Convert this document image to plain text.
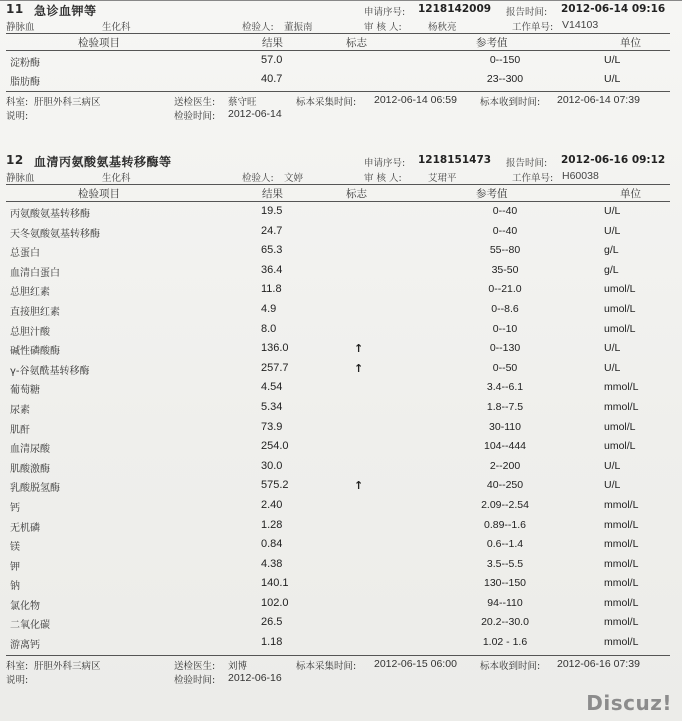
11 急诊血钾等	申请序号: 1218142009 报告时间: 2012-06-14 09:16
静脉血	生化科	检验人: 董振南	审 核 人:	杨秋亮	工作单号: V14103
检验项目	结果	标志	参考值	单位
淀粉酶	57.0	0--150	U/L
脂肪酶	40.7	23--300	U/L
科室: 肝胆外科三病区	送检医生: 蔡守旺	标本采集时间: 2012-06-14 06:59 标本收到时间: 2012-06-14 07:39
说明:	检验时间: 2012-06-14
12 血清丙氨酸氨基转移酶等	申请序号: 1218151473 报告时间: 2012-06-16 09:12
静脉血	生化科	检验人: 文婷	审 核 人:	艾珺平	工作单号: H60038
检验项目	结果	标志	参考值	单位
丙氨酸氨基转移酶	19.5	0--40	U/L
天冬氨酸氨基转移酶	24.7	0--40	U/L
总蛋白	65.3	55--80	g/L
血清白蛋白	36.4	35-50	g/L
总胆红素	11.8	0--21.0	umol/L
直接胆红素	4.9	0--8.6	umol/L
总胆汁酸	8.0	0--10	umol/L
碱性磷酸酶	136.0	↑	0--130	U/L
γ-谷氨酰基转移酶	257.7	↑	0--50	U/L
葡萄糖	4.54	3.4--6.1	mmol/L
尿素	5.34	1.8--7.5	mmol/L
肌酐	73.9	30-110	umol/L
血清尿酸	254.0	104--444	umol/L
肌酸激酶	30.0	2--200	U/L
乳酸脱氢酶	575.2	↑	40--250	U/L
钙	2.40	2.09--2.54	mmol/L
无机磷	1.28	0.89--1.6	mmol/L
镁	0.84	0.6--1.4	mmol/L
钾	4.38	3.5--5.5	mmol/L
钠	140.1	130--150	mmol/L
氯化物	102.0	94--110	mmol/L
二氧化碳	26.5	20.2--30.0	mmol/L
游离钙	1.18	1.02 - 1.6	mmol/L
科室: 肝胆外科三病区	送检医生: 刘博	标本采集时间: 2012-06-15 06:00 标本收到时间: 2012-06-16 07:39
说明:	检验时间: 2012-06-16
Discuz!
